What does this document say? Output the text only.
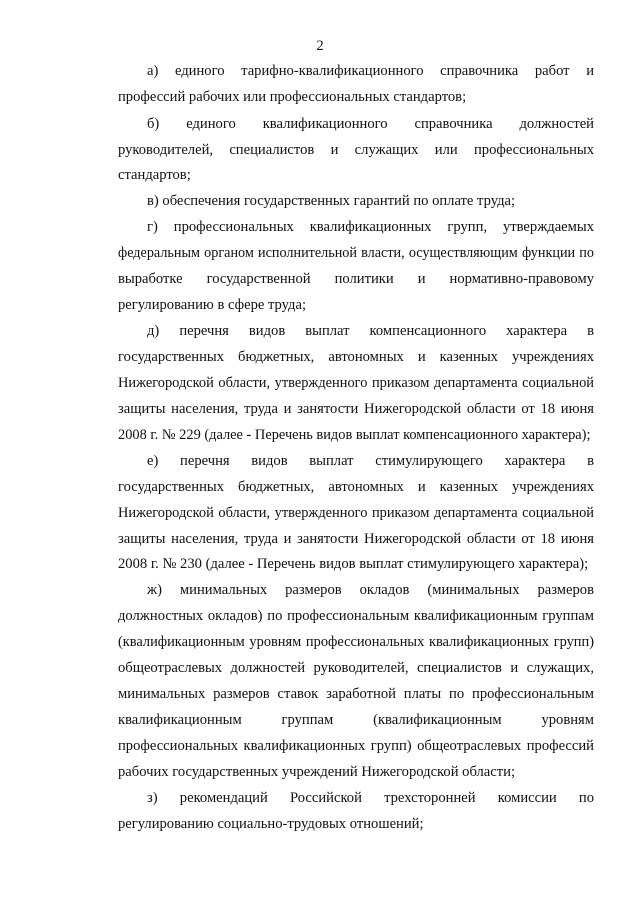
2
а) единого тарифно-квалификационного справочника работ и
профессий рабочих или профессиональных стандартов;
б) единого квалификационного справочника должностей
руководителей, специалистов и служащих или профессиональных
стандартов;
в) обеспечения государственных гарантий по оплате труда;
г) профессиональных квалификационных групп, утверждаемых
федеральным органом исполнительной власти, осуществляющим функции по
выработке государственной политики и нормативно-правовому
регулированию в сфере труда;
д) перечня видов выплат компенсационного характера в
государственных бюджетных, автономных и казенных учреждениях
Нижегородской области, утвержденного приказом департамента социальной
защиты населения, труда и занятости Нижегородской области от 18 июня
2008 г. № 229 (далее - Перечень видов выплат компенсационного характера);
е) перечня видов выплат стимулирующего характера в
государственных бюджетных, автономных и казенных учреждениях
Нижегородской области, утвержденного приказом департамента социальной
защиты населения, труда и занятости Нижегородской области от 18 июня
2008 г. № 230 (далее - Перечень видов выплат стимулирующего характера);
ж) минимальных размеров окладов (минимальных размеров
должностных окладов) по профессиональным квалификационным группам
(квалификационным уровням профессиональных квалификационных групп)
общеотраслевых должностей руководителей, специалистов и служащих,
минимальных размеров ставок заработной платы по профессиональным
квалификационным группам (квалификационным уровням
профессиональных квалификационных групп) общеотраслевых профессий
рабочих государственных учреждений Нижегородской области;
з) рекомендаций Российской трехсторонней комиссии по
регулированию социально-трудовых отношений;
